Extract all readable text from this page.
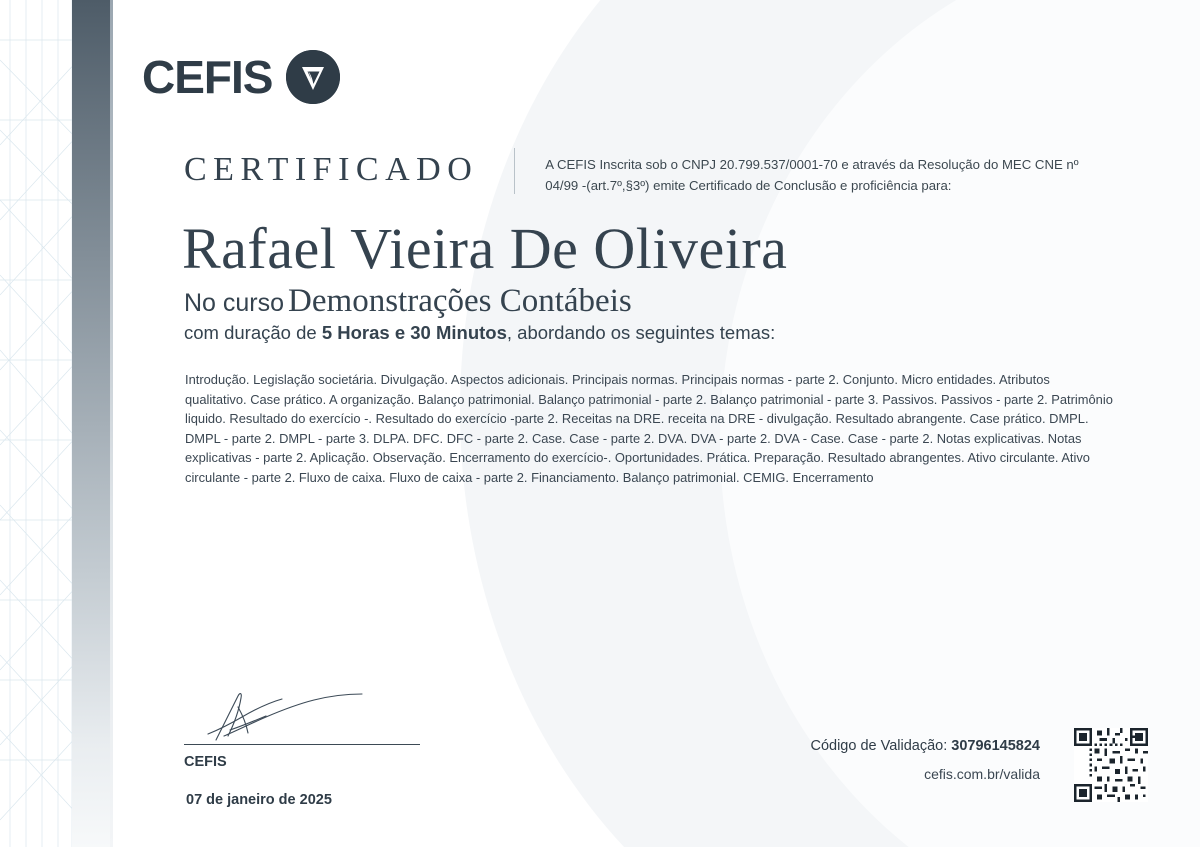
CEFIS
CERTIFICADO	A CEFIS Inscrita sob o CNPJ 20.799.537/0001-70 e através da Resolução do MEC CNE nº 04/99 -(art.7º,§3º) emite Certificado de Conclusão e proficiência para:
Rafael Vieira De Oliveira
No curso Demonstrações Contábeis
com duração de 5 Horas e 30 Minutos, abordando os seguintes temas:
Introdução. Legislação societária. Divulgação. Aspectos adicionais. Principais normas. Principais normas - parte 2. Conjunto. Micro entidades. Atributos qualitativo. Case prático. A organização. Balanço patrimonial. Balanço patrimonial - parte 2. Balanço patrimonial - parte 3. Passivos. Passivos - parte 2. Patrimônio liquido. Resultado do exercício -. Resultado do exercício -parte 2. Receitas na DRE. receita na DRE - divulgação. Resultado abrangente. Case prático. DMPL. DMPL - parte 2. DMPL - parte 3. DLPA. DFC. DFC - parte 2. Case. Case - parte 2. DVA. DVA - parte 2. DVA - Case. Case - parte 2. Notas explicativas. Notas explicativas - parte 2. Aplicação. Observação. Encerramento do exercício-. Oportunidades. Prática. Preparação. Resultado abrangentes. Ativo circulante. Ativo circulante - parte 2. Fluxo de caixa. Fluxo de caixa - parte 2. Financiamento. Balanço patrimonial. CEMIG. Encerramento
CEFIS
07 de janeiro de 2025
Código de Validação: 30796145824
cefis.com.br/valida
